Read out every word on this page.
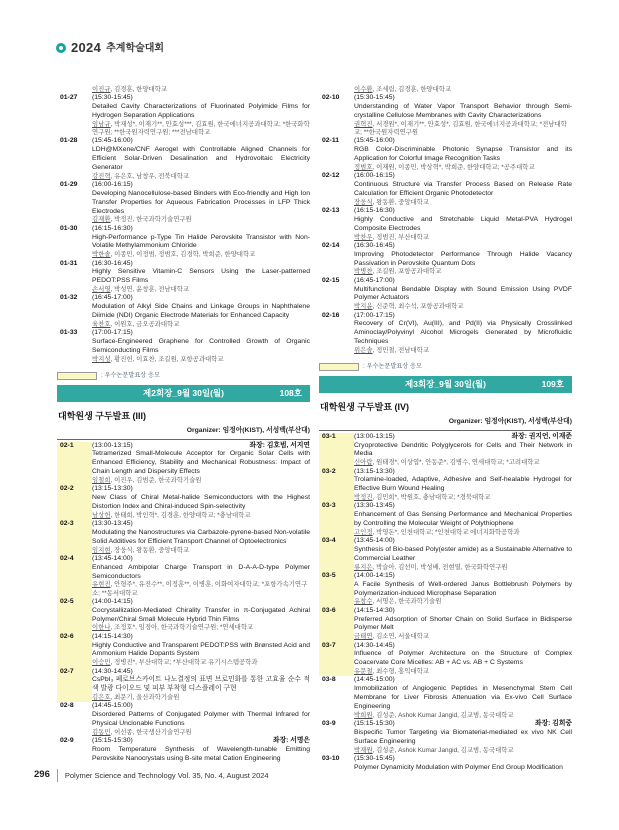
2024 추계학술대회
이진규, 김경훈, 한양대학교
01-27	(15:30-15:45)
Detailed Cavity Characterizations of Fluorinated Polyimide Films for Hydrogen Separation Applications
임남규, 박재성*, 이재기**, 안효성***, 김효원, 한국에너지공과대학교; *한국화학연구원; **한국원자력연구원; ***전남대학교
01-28	(15:45-16:00)
LDH@MXene/CNF Aerogel with Controllable Aligned Channels for Efficient Solar-Driven Desalination and Hydrovoltaic Electricity Generator
강진혁, 유은호, 남창우, 전북대학교
01-29	(16:00-16:15)
Developing Nanocellulose-based Binders with Eco-friendly and High Ion Transfer Properties for Aqueous Fabrication Processes in LFP Thick Electrodes
김재환, 박정진, 한국과학기술연구원
01-30	(16:15-16:30)
High-Performance p-Type Tin Halide Perovskite Transistor with Non-Volatile Methylammonium Chloride
박한솔, 이종민, 이정범, 정범호, 김경학, 박희준, 한양대학교
01-31	(16:30-16:45)
Highly Sensitive Vitamin-C Sensors Using the Laser-patterned PEDOT:PSS Films
손서영, 박성연, 윤창훈, 전남대학교
01-32	(16:45-17:00)
Modulation of Alkyl Side Chains and Linkage Groups in Naphthalene Diimide (NDI) Organic Electrode Materials for Enhanced Capacity
육찬호, 이원호, 금오공과대학교
01-33	(17:00-17:15)
Surface-Engineered Graphene for Controlled Growth of Organic Semiconducting Films
박지성, 황진헌, 이효찬, 조길원, 포항공과대학교
: 우수논문발표상 응모
제2회장_9월 30일(월)	108호
대학원생 구두발표 (III)
Organizer: 임정아(KIST), 서성백(부산대)
02-1	(13:00-13:15)	좌장: 김호범, 서지연
Tetramerized Small-Molecule Acceptor for Organic Solar Cells with Enhanced Efficiency, Stability and Mechanical Robustness: Impact of Chain Length and Dispersity Effects
임철희, 이진우, 김범준, 한국과학기술원
02-2	(13:15-13:30)
New Class of Chiral Metal-halide Semiconductors with the Highest Distortion Index and Chiral-induced Spin-selectivity
남상헌, 한태희, 박인혁*, 김경훈, 한양대학교; *충남대학교
02-3	(13:30-13:45)
Modulating the Nanostructures via Carbazole-pyrene-based Non-volatile Solid Additives for Efficient Transport Channel of Optoelectronics
임지현, 장웅식, 왕동환, 중앙대학교
02-4	(13:45-14:00)
Enhanced Ambipolar Charge Transport in D-A-A-D-type Polymer Semiconductors
유현진, 안형주*, 유진수**, 이정훈**, 이병훈, 이화여자대학교; *포항가속기연구소; **동서대학교
02-5	(14:00-14:15)
Cocrystallization-Mediated Chirality Transfer in π-Conjugated Achiral Polymer/Chiral Small Molecule Hybrid Thin Films
이한나, 조정호*, 임정아, 한국과학기술연구원; *연세대학교
02-6	(14:15-14:30)
Highly Conductive and Transparent PEDOT:PSS with Brønsted Acid and Ammonium Halide Dopants System
이승민, 정병진*, 부산대학교; *부산대학교 유기시스템공학과
02-7	(14:30-14:45)
CsPbI₃ 페로브스카이트 나노결정의 표면 브로민화를 통한 고효율 순수 적색 발광 다이오드 및 피부 부착형 디스플레이 구현
김은호, 최문기, 울산과학기술원
02-8	(14:45-15:00)
Disordered Patterns of Conjugated Polymer with Thermal Infrared for Physical Unclonable Functions
김동민, 이선종, 한국생산기술연구원
02-9	(15:15-15:30)	좌장: 서명은
Room Temperature Synthesis of Wavelength-tunable Emitting Perovskite Nanocrystals using B-site metal Cation Engineering
이수환, 조세림, 김경훈, 한양대학교
02-10	(15:30-15:45)
Understanding of Water Vapor Transport Behavior through Semi-crystalline Cellulose Membranes with Cavity Characterizations
권혁진, 서경원*, 이재기**, 안효성*, 김효원, 한국에너지공과대학교; *전남대학교; **한국원자력연구원
02-11	(15:45-16:00)
RGB Color-Discriminable Photonic Synapse Transistor and its Application for Colorful Image Recognition Tasks
정범호, 이재원, 이종민, 박상혁*, 박희준, 한양대학교; *공주대학교
02-12	(16:00-16:15)
Continuous Structure via Transfer Process Based on Release Rate Calculation for Efficient Organic Photodetector
장웅식, 왕동환, 중앙대학교
02-13	(16:15-16:30)
Highly Conductive and Stretchable Liquid Metal-PVA Hydrogel Composite Electrodes
박찬우, 정범진, 부산대학교
02-14	(16:30-16:45)
Improving Photodetector Performance Through Halide Vacancy Passivation in Perovskite Quantum Dots
박병찬, 조길원, 포항공과대학교
02-15	(16:45-17:00)
Multifunctional Bendable Display with Sound Emission Using PVDF Polymer Actuators
박지윤, 신준혁, 최수석, 포항공과대학교
02-16	(17:00-17:15)
Recovery of Cr(VI), Au(III), and Pd(II) via Physically Crosslinked Aminoclay/Polyvinyl Alcohol Microgels Generated by Microfluidic Techniques
위은솔, 정민철, 전남대학교
: 우수논문발표상 응모
제3회장_9월 30일(월)	109호
대학원생 구두발표 (IV)
Organizer: 임정아(KIST), 서성백(부산대)
03-1	(13:00-13:15)	좌장: 권지언, 이재준
Cryoprotective Dendritic Polyglycerols for Cells and Their Network in Media
신아람, 원태경*, 이상엽*, 안동준*, 김병수, 연세대학교; *고려대학교
03-2	(13:15-13:30)
Trolamine-loaded, Adaptive, Adhesive and Self-healable Hydrogel for Effective Burn Wound Healing
박정진, 김민희*, 박원호, 충남대학교; *경북대학교
03-3	(13:30-13:45)
Enhancement of Gas Sensing Performance and Mechanical Properties by Controlling the Molecular Weight of Polythiophene
고인정, 박영돈*, 인천대학교; *인천대학교 에너지화학공학과
03-4	(13:45-14:00)
Synthesis of Bio-based Poly(ester amide) as a Sustainable Alternative to Commercial Leather
류지은, 박슬아, 김선미, 박성배, 전현열, 한국화학연구원
03-5	(14:00-14:15)
A Facile Synthesis of Well-ordered Janus Bottlebrush Polymers by Polymerization-induced Microphase Separation
유창수, 서명은, 한국과학기술원
03-6	(14:15-14:30)
Preferred Adsorption of Shorter Chain on Solid Surface in Bidisperse Polymer Melt
금태연, 김소연, 서울대학교
03-7	(14:30-14:45)
Influence of Polymer Architecture on the Structure of Complex Coacervate Core Micelles: AB + AC vs. AB + C Systems
유문철, 최수형, 홍익대학교
03-8	(14:45-15:00)
Immobilization of Angiogenic Peptides in Mesenchymal Stem Cell Membrane for Liver Fibrosis Attenuation via Ex-vivo Cell Surface Engineering
박희원, 김성준, Ashok Kumar Jangid, 김교범, 동국대학교
03-9	(15:15-15:30)	좌장: 김희중
Bispecific Tumor Targeting via Biomaterial-mediated ex vivo NK Cell Surface Engineering
박재원, 김성준, Ashok Kumar Jangid, 김교범, 동국대학교
03-10	(15:30-15:45)
Polymer Dynamicity Modulation with Polymer End Group Modification
296 Polymer Science and Technology Vol. 35, No. 4, August 2024
